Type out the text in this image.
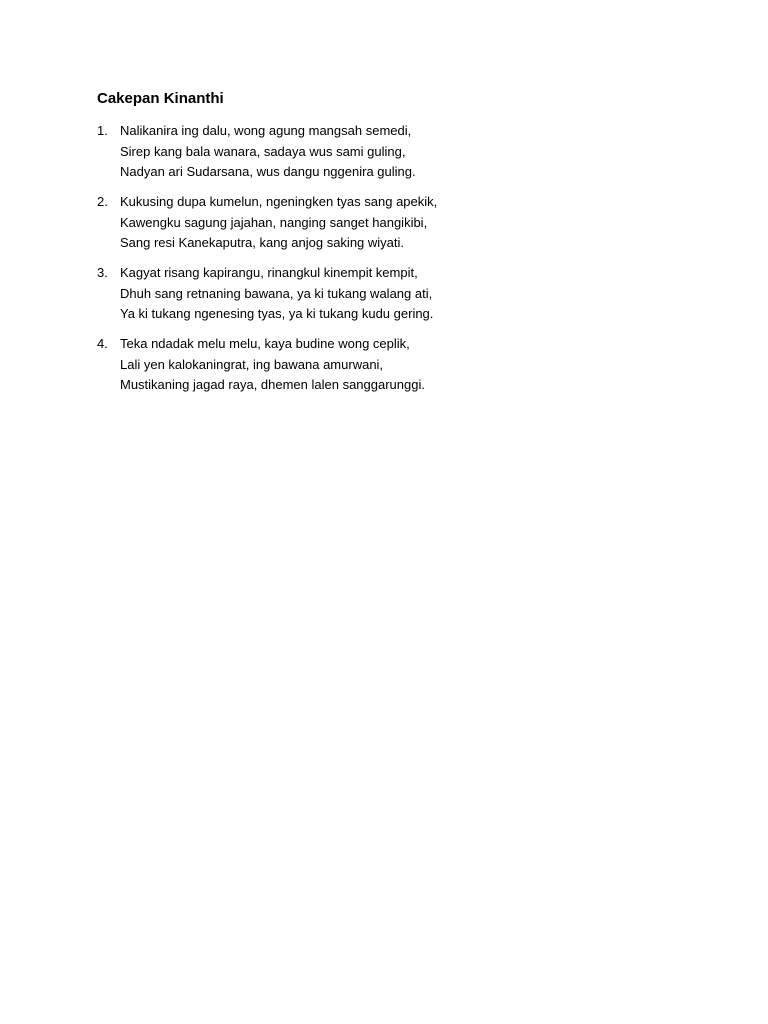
Cakepan Kinanthi
1. Nalikanira ing dalu, wong agung mangsah semedi,
Sirep kang bala wanara, sadaya wus sami guling,
Nadyan ari Sudarsana, wus dangu nggenira guling.
2. Kukusing dupa kumelun, ngeningken tyas sang apekik,
Kawengku sagung jajahan, nanging sanget hangikibi,
Sang resi Kanekaputra, kang anjog saking wiyati.
3. Kagyat risang kapirangu, rinangkul kinempit kempit,
Dhuh sang retnaning bawana, ya ki tukang walang ati,
Ya ki tukang ngenesing tyas, ya ki tukang kudu gering.
4. Teka ndadak melu melu, kaya budine wong ceplik,
Lali yen kalokaningrat, ing bawana amurwani,
Mustikaning jagad raya, dhemen lalen sanggarunggi.
